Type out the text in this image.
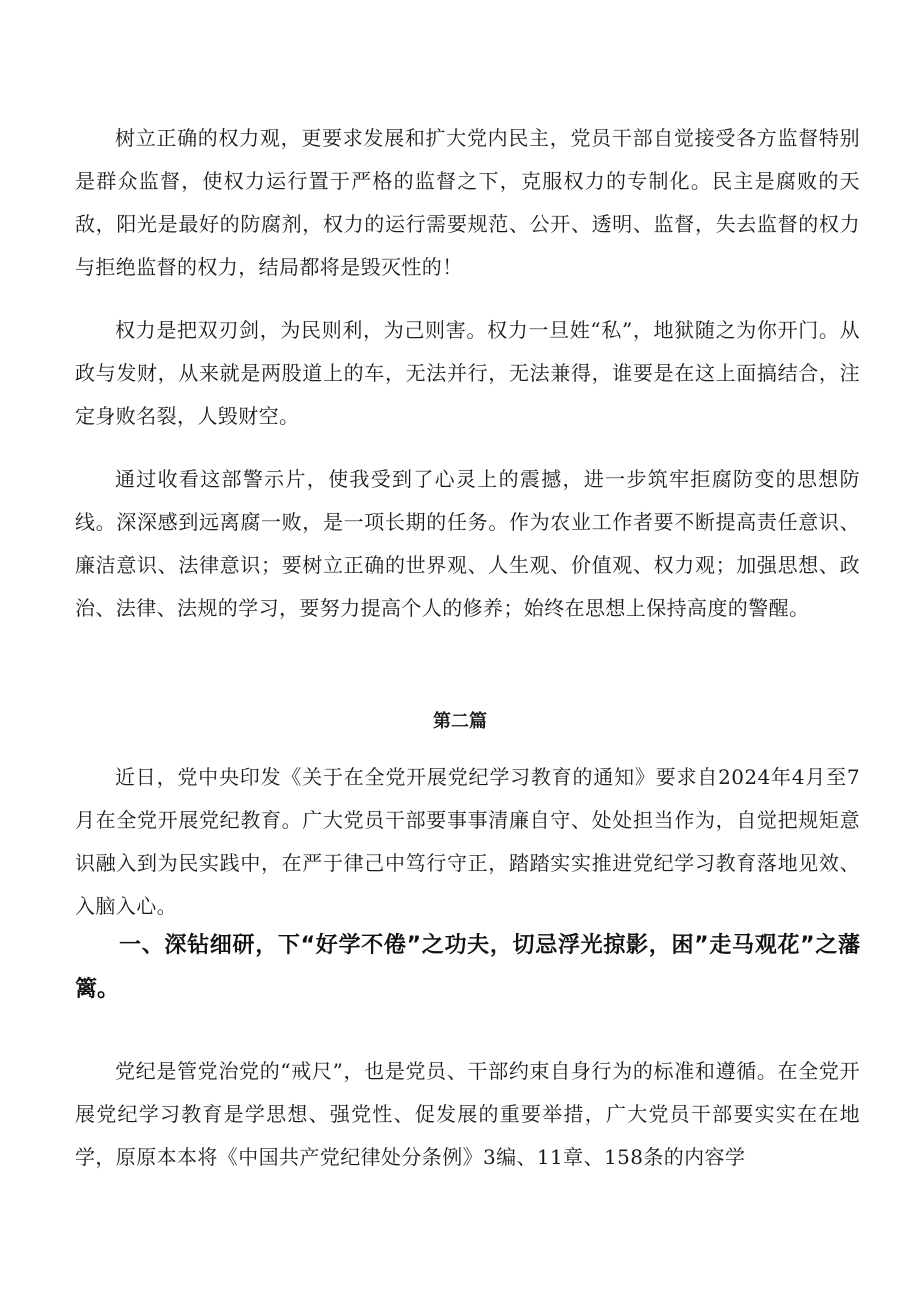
树立正确的权力观，更要求发展和扩大党内民主，党员干部自觉接受各方监督特别是群众监督，使权力运行置于严格的监督之下，克服权力的专制化。民主是腐败的天敌，阳光是最好的防腐剂，权力的运行需要规范、公开、透明、监督，失去监督的权力与拒绝监督的权力，结局都将是毁灭性的！

权力是把双刃剑，为民则利，为己则害。权力一旦姓“私”，地狱随之为你开门。从政与发财，从来就是两股道上的车，无法并行，无法兼得，谁要是在这上面搞结合，注定身败名裂，人毁财空。

通过收看这部警示片，使我受到了心灵上的震撼，进一步筑牢拒腐防变的思想防线。深深感到远离腐一败，是一项长期的任务。作为农业工作者要不断提高责任意识、廉洁意识、法律意识；要树立正确的世界观、人生观、价值观、权力观；加强思想、政治、法律、法规的学习，要努力提高个人的修养；始终在思想上保持高度的警醒。

第二篇

近日，党中央印发《关于在全党开展党纪学习教育的通知》要求自2024年4月至7月在全党开展党纪教育。广大党员干部要事事清廉自守、处处担当作为，自觉把规矩意识融入到为民实践中，在严于律己中笃行守正，踏踏实实推进党纪学习教育落地见效、入脑入心。

一、深钻细研，下“好学不倦”之功夫，切忌浮光掠影，困”走马观花”之藩篱。

党纪是管党治党的“戒尺”，也是党员、干部约束自身行为的标准和遵循。在全党开展党纪学习教育是学思想、强党性、促发展的重要举措，广大党员干部要实实在在地学，原原本本将《中国共产党纪律处分条例》3编、11章、158条的内容学
